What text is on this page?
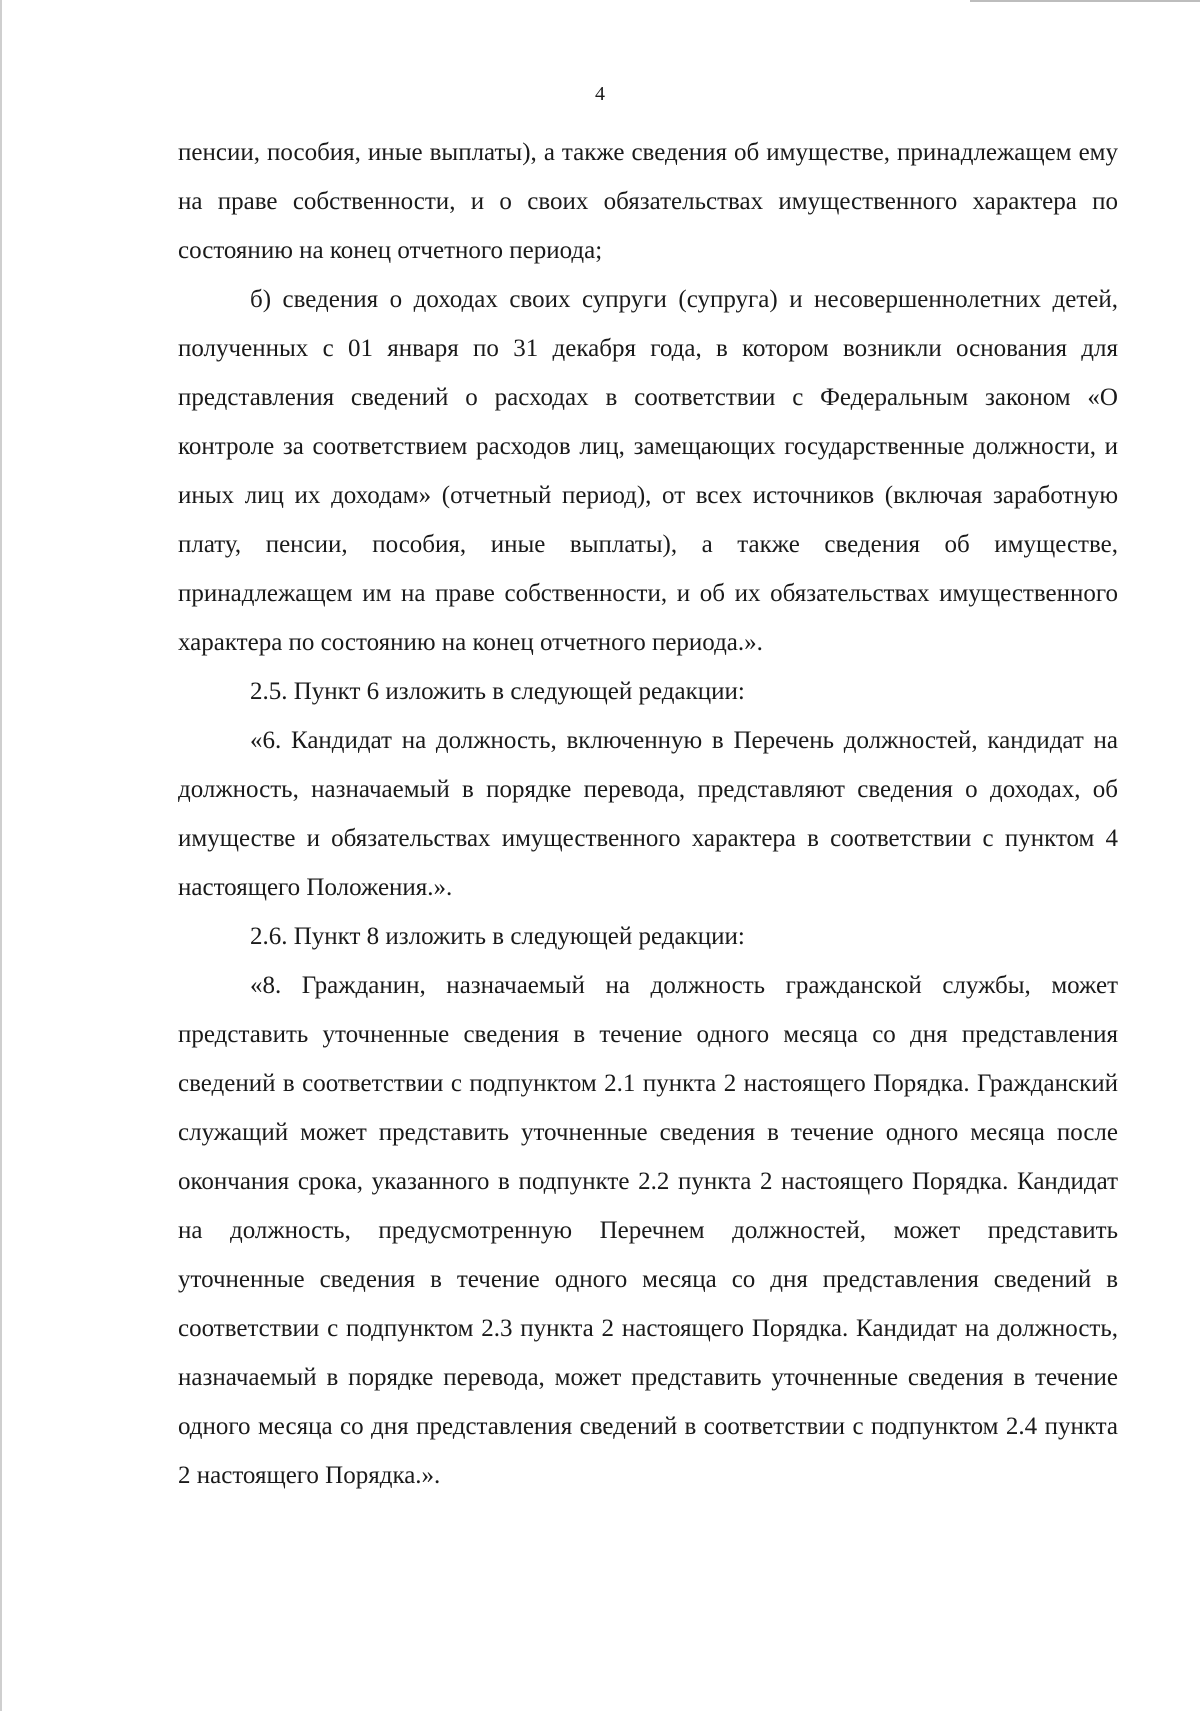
4

пенсии, пособия, иные выплаты), а также сведения об имуществе, принадлежащем ему на праве собственности, и о своих обязательствах имущественного характера по состоянию на конец отчетного периода;

б) сведения о доходах своих супруги (супруга) и несовершеннолетних детей, полученных с 01 января по 31 декабря года, в котором возникли основания для представления сведений о расходах в соответствии с Федеральным законом «О контроле за соответствием расходов лиц, замещающих государственные должности, и иных лиц их доходам» (отчетный период), от всех источников (включая заработную плату, пенсии, пособия, иные выплаты), а также сведения об имуществе, принадлежащем им на праве собственности, и об их обязательствах имущественного характера по состоянию на конец отчетного периода.».

2.5. Пункт 6 изложить в следующей редакции:

«6. Кандидат на должность, включенную в Перечень должностей, кандидат на должность, назначаемый в порядке перевода, представляют сведения о доходах, об имуществе и обязательствах имущественного характера в соответствии с пунктом 4 настоящего Положения.».

2.6. Пункт 8 изложить в следующей редакции:

«8. Гражданин, назначаемый на должность гражданской службы, может представить уточненные сведения в течение одного месяца со дня представления сведений в соответствии с подпунктом 2.1 пункта 2 настоящего Порядка. Гражданский служащий может представить уточненные сведения в течение одного месяца после окончания срока, указанного в подпункте 2.2 пункта 2 настоящего Порядка. Кандидат на должность, предусмотренную Перечнем должностей, может представить уточненные сведения в течение одного месяца со дня представления сведений в соответствии с подпунктом 2.3 пункта 2 настоящего Порядка. Кандидат на должность, назначаемый в порядке перевода, может представить уточненные сведения в течение одного месяца со дня представления сведений в соответствии с подпунктом 2.4 пункта 2 настоящего Порядка.».
